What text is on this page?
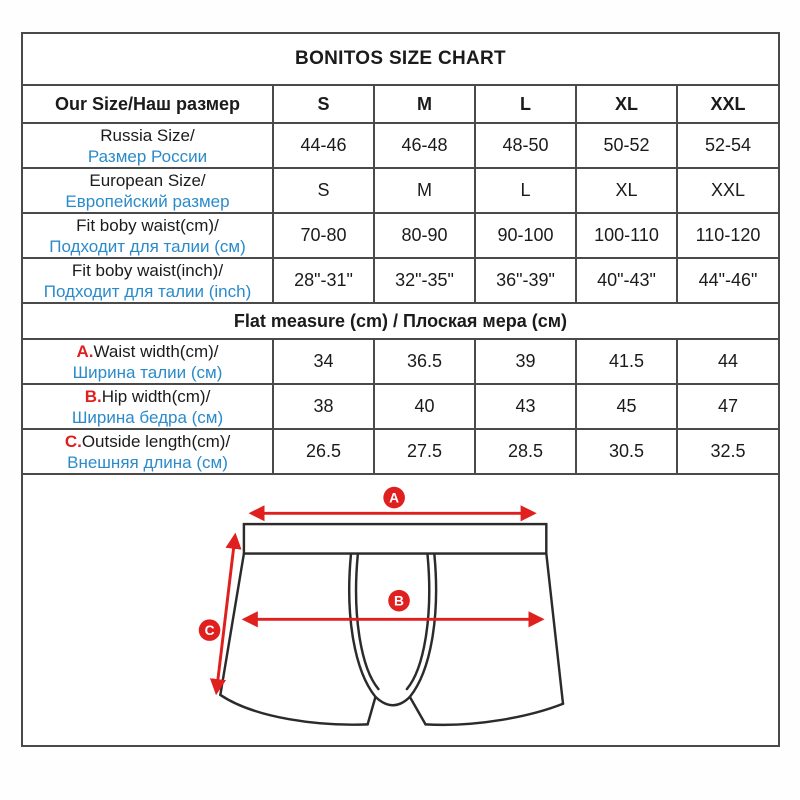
BONITOS SIZE CHART					
Our Size/Наш размер	S	M	L	XL	XXL

Russia Size/
Размер России	44-46	46-48	48-50	50-52	52-54

European Size/
Европейский размер	S	M	L	XL	XXL

Fit boby waist(cm)/
Подходит для талии (см)	70-80	80-90	90-100	100-110	110-120

Fit boby waist(inch)/
Подходит для талии (inch)	28"-31"	32"-35"	36"-39"	40"-43"	44"-46"
Flat measure (cm) / Плоская мера (см)					

A.Waist width(cm)/
Ширина талии (см)	34	36.5	39	41.5	44

B.Hip width(cm)/
Ширина бедра (см)	38	40	43	45	47

C.Outside length(cm)/
Внешняя длина (см)	26.5	27.5	28.5	30.5	32.5

A
B
C					
